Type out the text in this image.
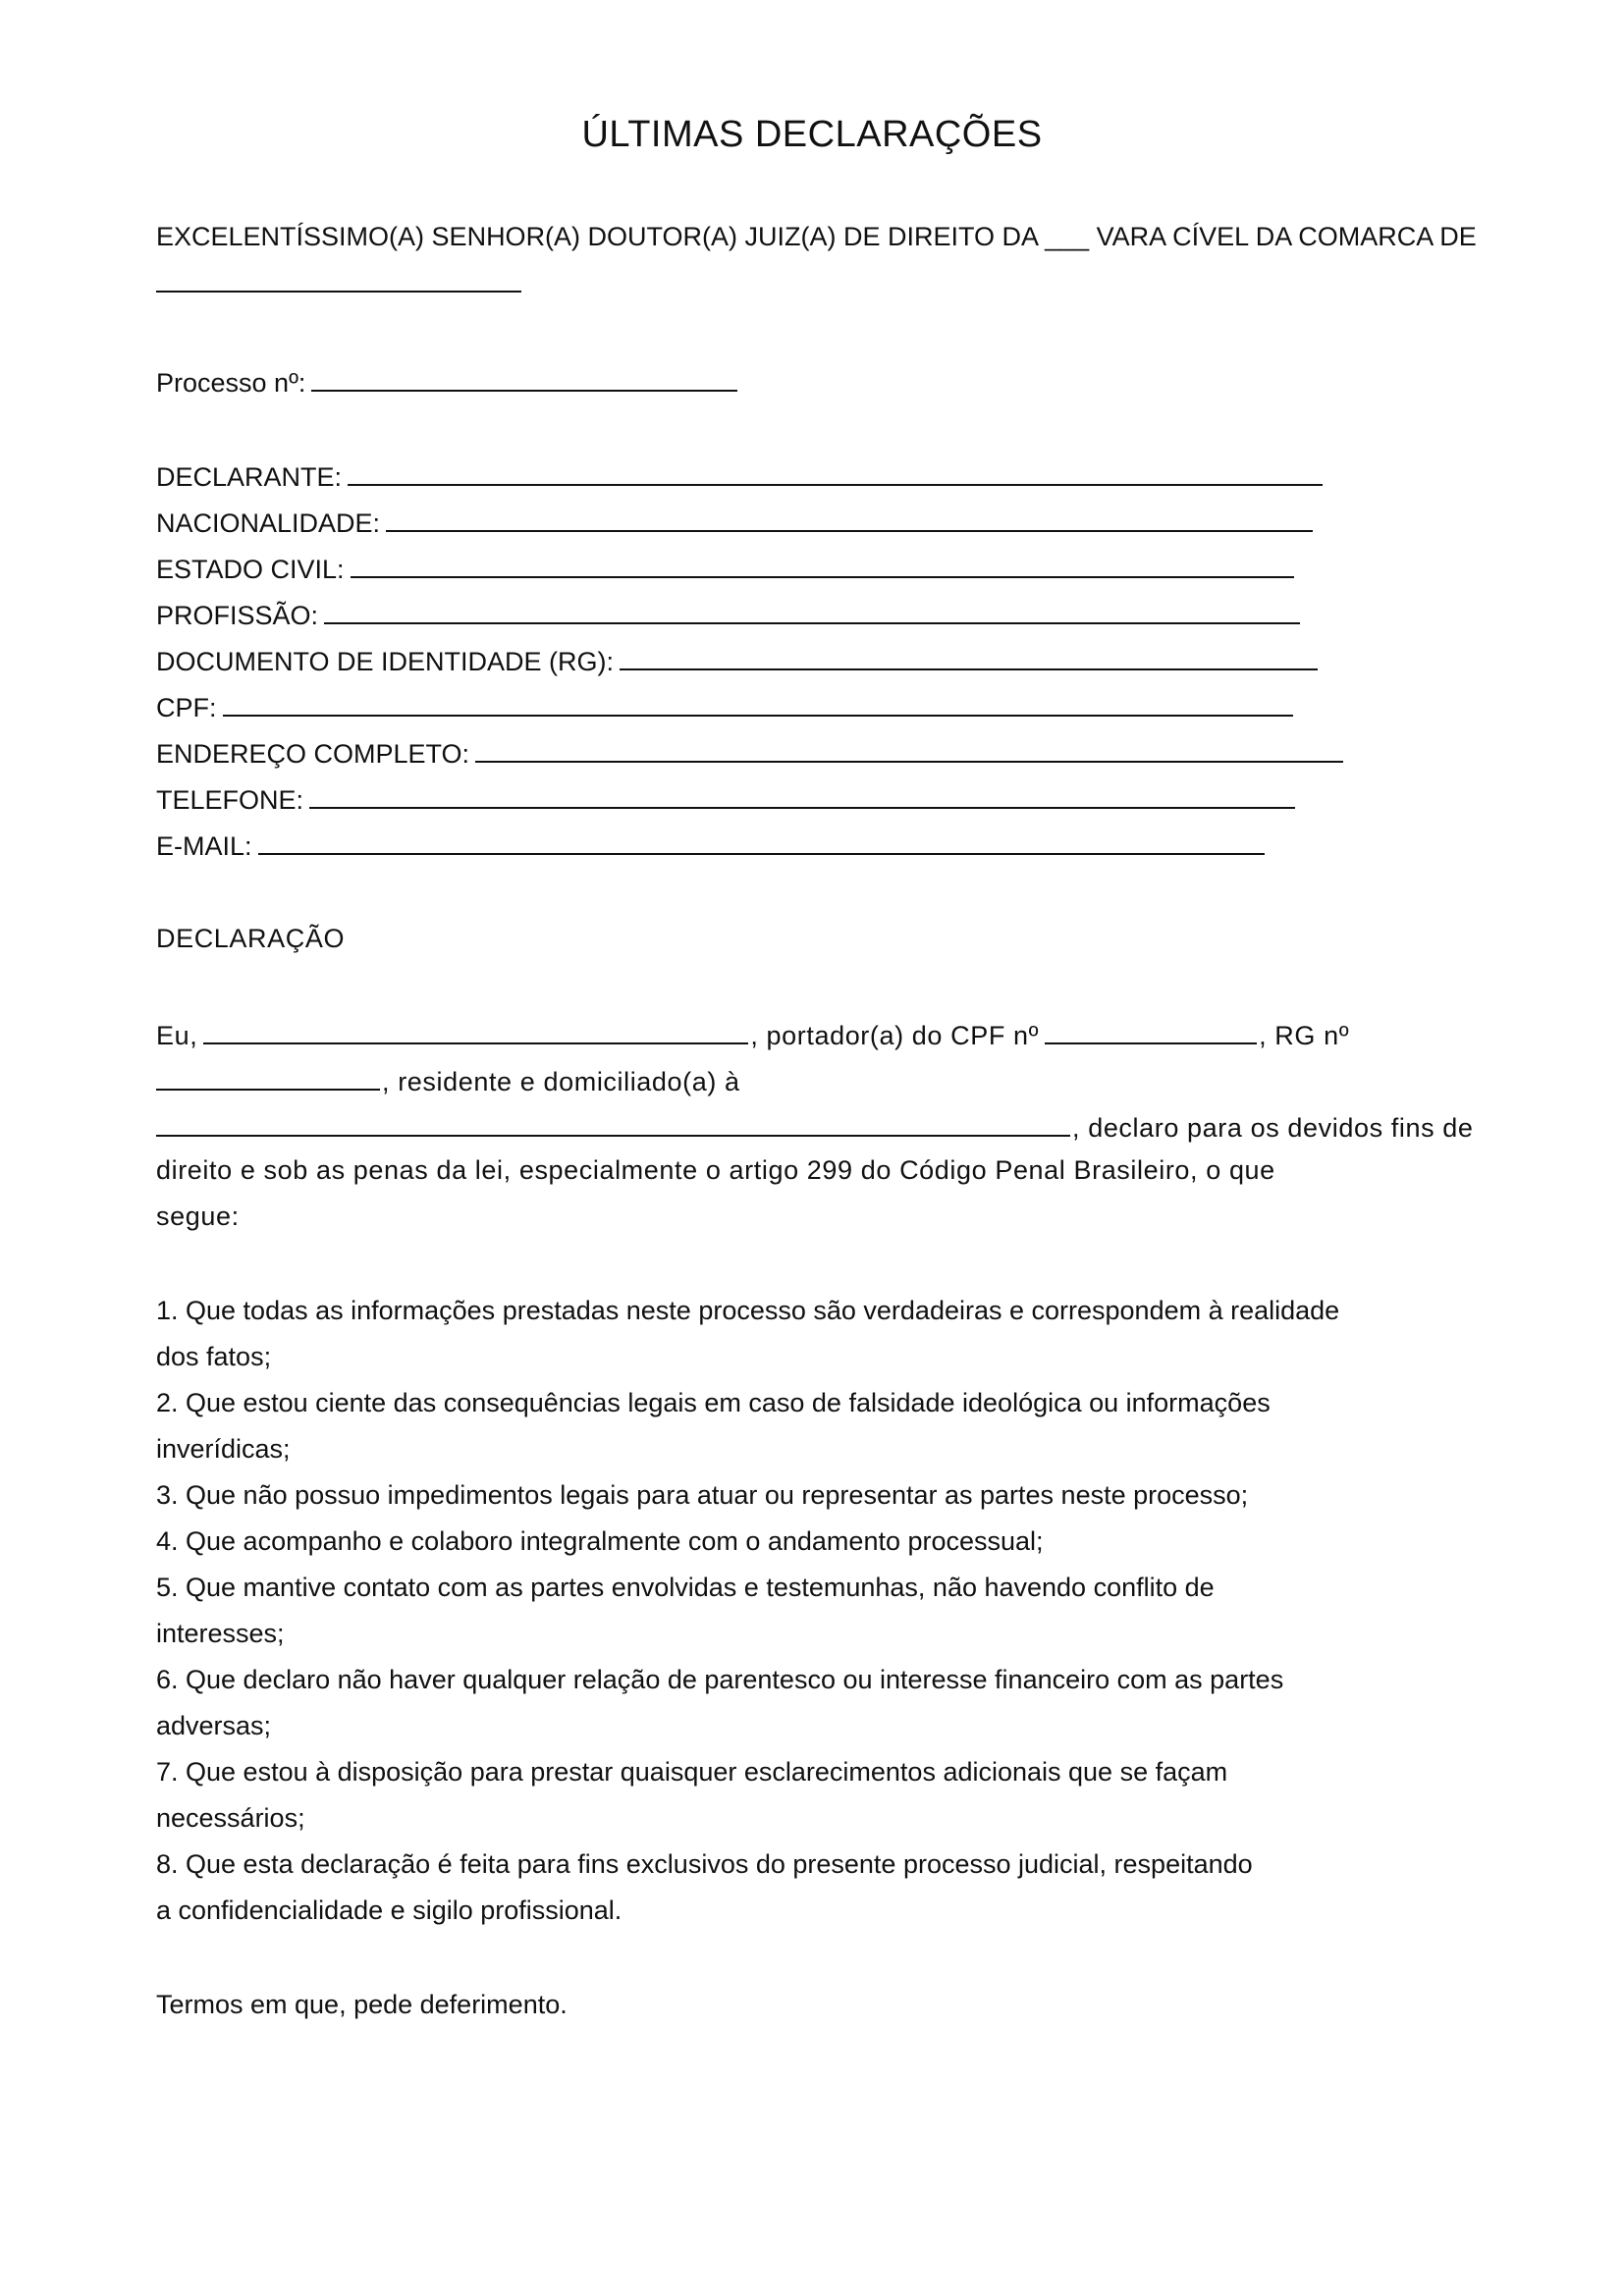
ÚLTIMAS DECLARAÇÕES
EXCELENTÍSSIMO(A) SENHOR(A) DOUTOR(A) JUIZ(A) DE DIREITO DA ___ VARA CÍVEL DA COMARCA DE
Processo nº:
DECLARANTE:
NACIONALIDADE:
ESTADO CIVIL:
PROFISSÃO:
DOCUMENTO DE IDENTIDADE (RG):
CPF:
ENDEREÇO COMPLETO:
TELEFONE:
E-MAIL:
DECLARAÇÃO
Eu,	, portador(a) do CPF nº	, RG nº
, residente e domiciliado(a) à
, declaro para os devidos fins de
direito e sob as penas da lei, especialmente o artigo 299 do Código Penal Brasileiro, o que
segue:
1. Que todas as informações prestadas neste processo são verdadeiras e correspondem à realidade
dos fatos;
2. Que estou ciente das consequências legais em caso de falsidade ideológica ou informações
inverídicas;
3. Que não possuo impedimentos legais para atuar ou representar as partes neste processo;
4. Que acompanho e colaboro integralmente com o andamento processual;
5. Que mantive contato com as partes envolvidas e testemunhas, não havendo conflito de
interesses;
6. Que declaro não haver qualquer relação de parentesco ou interesse financeiro com as partes
adversas;
7. Que estou à disposição para prestar quaisquer esclarecimentos adicionais que se façam
necessários;
8. Que esta declaração é feita para fins exclusivos do presente processo judicial, respeitando
a confidencialidade e sigilo profissional.
Termos em que, pede deferimento.
